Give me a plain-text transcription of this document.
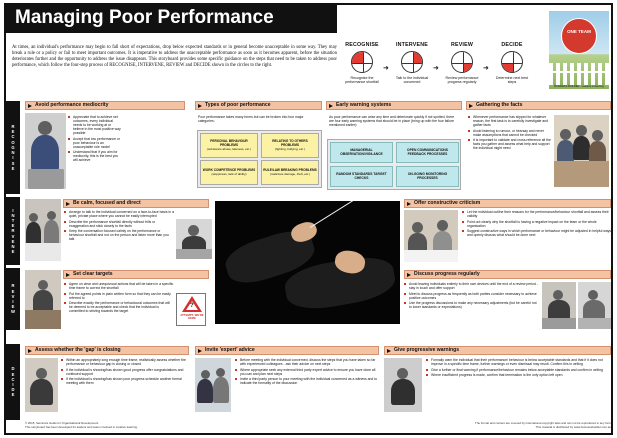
Managing Poor Performance

At times, an individual's performance may begin to fall short of expectations, drop below expected standards or in general become unacceptable in some way. They may break a rule or a policy or fail to meet important outcomes. It is imperative to address the unacceptable performance as soon as it becomes apparent, before the situation deteriorates further and the opportunity to address the issue disappears. This storyboard provides some specific guidance on the steps that need to be taken to address poor performance, which follow the four-step process of RECOGNISE, INTERVENE, REVIEW and DECIDE shown in the circles to the right.

RECOGNISE
Recognise the performance shortfall
➜
INTERVENE
Talk to the individual concerned
➜
REVIEW
Review performance progress regularly
➜
DECIDE
Determine next best steps
ONE TEAM
BUSINESS BUILDER · Leaders in learning
R
E
C
O
G
N
I
S
E
I
N
T
E
R
V
E
N
E
R
E
V
I
E
W
D
E
C
I
D
E
Avoid performance mediocrity
Appreciate that to achieve set outcomes, every individual needs to be working at or believe in the most positive way possible
Accept that low performance or poor behaviour is an unacceptable role model
Understand that if you aim for mediocrity, this is the best you will achieve
Types of poor performance
Poor performance takes many forms but can be broken into four major categories:
PERSONAL BEHAVIOUR PROBLEMS
(substance abuse, lateness, etc.)
RELATING TO OTHERS PROBLEMS
(fighting, bullying, etc.)
WORK COMPETENCE PROBLEMS
(sloppiness, lack of ability)
RULE/LAW BREAKING PROBLEMS
(malicious damage, theft, etc.)
Early warning systems
As poor performance can arise any time and deteriorate quickly if not spotted, there are four early warning systems that should be in place (bring up with the four failure mentioned earlier):
MANAGERIAL OBSERVATION/VIGILANCE
OPEN COMMUNICATIONS FEEDBACK PROCESSES
RANDOM STANDARDS TARGET CHECKS
ON-GOING MONITORING PROCESSES
Gathering the facts
Whenever performance has slipped for whatever reason, the first task is to carefully investigate and gather facts
Avoid listening to rumour, or hearsay and never make assumptions that cannot be checked
It is important to validate and cross-reference all the facts you gather and assess what help and support the individual might need
Be calm, focused and direct
Arrange to talk to the individual concerned on a face-to-face basis in a quiet, private place where you cannot be easily interrupted
Describe the performance shortfall directly without frills or exaggeration and stick closely to the facts
Keep the conversation focused calmly on the performance or behaviour shortfall and not on the person and listen more than you talk
Offer constructive criticism
Let the individual outline their reasons for the performance/behaviour shortfall and assess their validity
Point out clearly why the shortfall is having a negative impact on the team or the whole organisation
Suggest constructive ways in which performance or behaviour might be adjusted in helpful ways and openly discuss what should be done next
Set clear targets
Agree on clear and unequivocal actions that will be taken in a specific time frame to correct the shortfall
Put the agreed points in plain written form so that they can be easily referred to
Describe exactly the performance or behavioural outcomes that will be deemed to be acceptable and check that the individual is committed to striving towards the target
?
ATTEMPT, WE'RE HERE
Discuss progress regularly
Avoid leaving individuals entirely to their own devices until the end of a review period - stay in touch and offer support
Meet to discuss progress as frequently as both parties consider necessary to achieve positive outcomes
Use the progress discussions to make any necessary adjustments (but be careful not to lower standards or expectations)
Assess whether the 'gap' is closing
Within an appropriately long enough time frame, realistically assess whether the performance or behaviour gap is closing or closed
If the individual is showing/has shown good progress offer congratulations and continued support
If the individual is showing/has shown poor progress schedule another formal meeting with them
Invite 'expert' advice
Before meeting with the individual concerned, discuss the steps that you have taken so far with experienced colleagues - ask their advice on next steps
Where appropriate seek any external third party expert advice to ensure you have done all you can and plan next steps
Invite a third party person to your meeting with the individual concerned as a witness and to indicate the formality of the discussion
Give progressive warnings
Formally warn the individual that their performance/ behaviour is below acceptable standards and that if it does not improve in a specific time frame, further warnings or even dismissal may result. Confirm this in writing
Give a further or final warning if performance/behaviour remains below acceptable standards and confirm in writing
Where insufficient progress is made, confirm that termination is the only option left open
© 2015, Seminars Guide for Organisational Development.
This storyboard has been developed for leaders and teams involved in creative learning.
The format and content are covered by international copyright laws and can not be reproduced in any form
This material is distributed by www.businessbuilder.com.au
